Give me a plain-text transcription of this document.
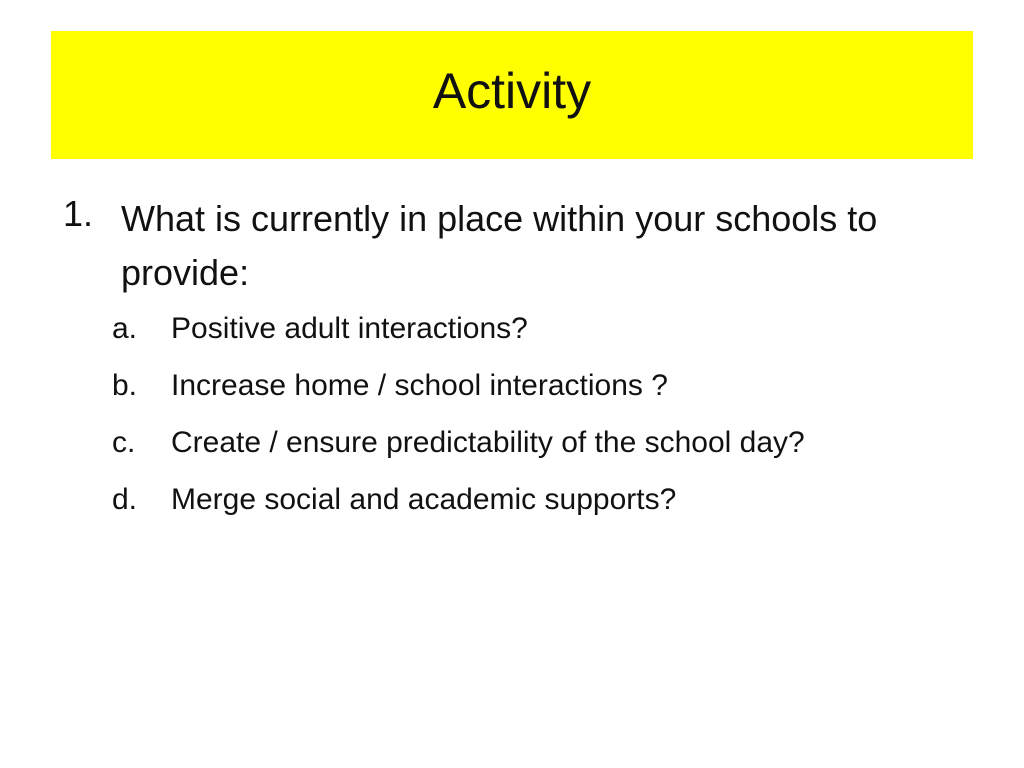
Activity
1. What is currently in place within your schools to provide:
a. Positive adult interactions?
b. Increase home / school interactions ?
c. Create / ensure predictability of the school day?
d. Merge social and academic supports?
